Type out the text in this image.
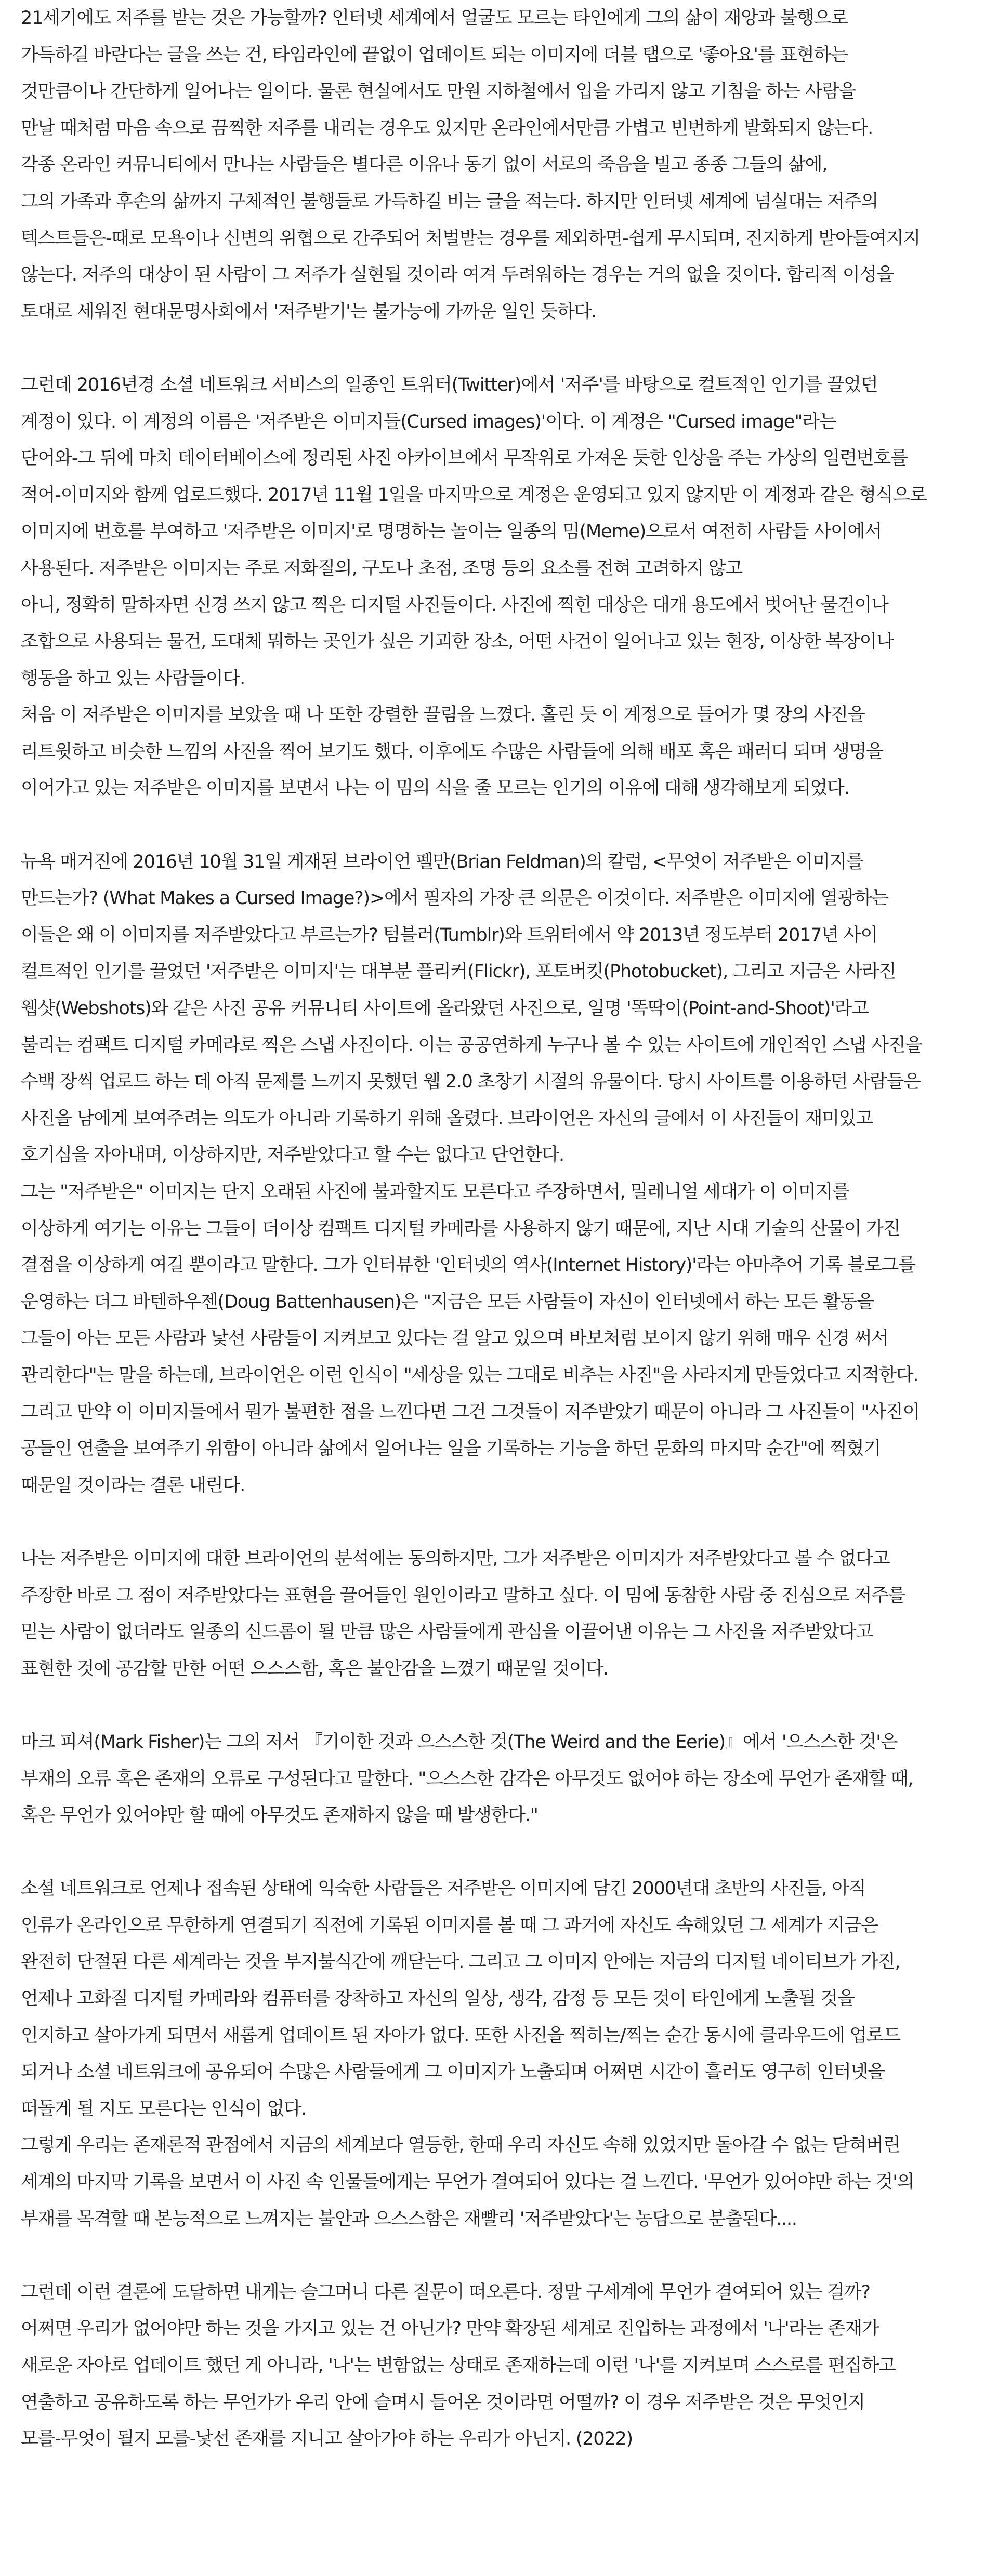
21세기에도 저주를 받는 것은 가능할까? 인터넷 세계에서 얼굴도 모르는 타인에게 그의 삶이 재앙과 불행으로
가득하길 바란다는 글을 쓰는 건, 타임라인에 끝없이 업데이트 되는 이미지에 더블 탭으로 '좋아요'를 표현하는
것만큼이나 간단하게 일어나는 일이다. 물론 현실에서도 만원 지하철에서 입을 가리지 않고 기침을 하는 사람을
만날 때처럼 마음 속으로 끔찍한 저주를 내리는 경우도 있지만 온라인에서만큼 가볍고 빈번하게 발화되지 않는다.
각종 온라인 커뮤니티에서 만나는 사람들은 별다른 이유나 동기 없이 서로의 죽음을 빌고 종종 그들의 삶에,
그의 가족과 후손의 삶까지 구체적인 불행들로 가득하길 비는 글을 적는다. 하지만 인터넷 세계에 넘실대는 저주의
텍스트들은-때로 모욕이나 신변의 위협으로 간주되어 처벌받는 경우를 제외하면-쉽게 무시되며, 진지하게 받아들여지지
않는다. 저주의 대상이 된 사람이 그 저주가 실현될 것이라 여겨 두려워하는 경우는 거의 없을 것이다. 합리적 이성을
토대로 세워진 현대문명사회에서 '저주받기'는 불가능에 가까운 일인 듯하다.

그런데 2016년경 소셜 네트워크 서비스의 일종인 트위터(Twitter)에서 '저주'를 바탕으로 컬트적인 인기를 끌었던
계정이 있다. 이 계정의 이름은 '저주받은 이미지들(Cursed images)'이다. 이 계정은 "Cursed image"라는
단어와-그 뒤에 마치 데이터베이스에 정리된 사진 아카이브에서 무작위로 가져온 듯한 인상을 주는 가상의 일련번호를
적어-이미지와 함께 업로드했다. 2017년 11월 1일을 마지막으로 계정은 운영되고 있지 않지만 이 계정과 같은 형식으로
이미지에 번호를 부여하고 '저주받은 이미지'로 명명하는 놀이는 일종의 밈(Meme)으로서 여전히 사람들 사이에서
사용된다. 저주받은 이미지는 주로 저화질의, 구도나 초점, 조명 등의 요소를 전혀 고려하지 않고
아니, 정확히 말하자면 신경 쓰지 않고 찍은 디지털 사진들이다. 사진에 찍힌 대상은 대개 용도에서 벗어난 물건이나
조합으로 사용되는 물건, 도대체 뭐하는 곳인가 싶은 기괴한 장소, 어떤 사건이 일어나고 있는 현장, 이상한 복장이나
행동을 하고 있는 사람들이다.
처음 이 저주받은 이미지를 보았을 때 나 또한 강렬한 끌림을 느꼈다. 홀린 듯 이 계정으로 들어가 몇 장의 사진을
리트윗하고 비슷한 느낌의 사진을 찍어 보기도 했다. 이후에도 수많은 사람들에 의해 배포 혹은 패러디 되며 생명을
이어가고 있는 저주받은 이미지를 보면서 나는 이 밈의 식을 줄 모르는 인기의 이유에 대해 생각해보게 되었다.

뉴욕 매거진에 2016년 10월 31일 게재된 브라이언 펠만(Brian Feldman)의 칼럼, <무엇이 저주받은 이미지를
만드는가? (What Makes a Cursed Image?)>에서 필자의 가장 큰 의문은 이것이다. 저주받은 이미지에 열광하는
이들은 왜 이 이미지를 저주받았다고 부르는가? 텀블러(Tumblr)와 트위터에서 약 2013년 정도부터 2017년 사이
컬트적인 인기를 끌었던 '저주받은 이미지'는 대부분 플리커(Flickr), 포토버킷(Photobucket), 그리고 지금은 사라진
웹샷(Webshots)와 같은 사진 공유 커뮤니티 사이트에 올라왔던 사진으로, 일명 '똑딱이(Point-and-Shoot)'라고
불리는 컴팩트 디지털 카메라로 찍은 스냅 사진이다. 이는 공공연하게 누구나 볼 수 있는 사이트에 개인적인 스냅 사진을
수백 장씩 업로드 하는 데 아직 문제를 느끼지 못했던 웹 2.0 초창기 시절의 유물이다. 당시 사이트를 이용하던 사람들은
사진을 남에게 보여주려는 의도가 아니라 기록하기 위해 올렸다. 브라이언은 자신의 글에서 이 사진들이 재미있고
호기심을 자아내며, 이상하지만, 저주받았다고 할 수는 없다고 단언한다.
그는 "저주받은" 이미지는 단지 오래된 사진에 불과할지도 모른다고 주장하면서, 밀레니얼 세대가 이 이미지를
이상하게 여기는 이유는 그들이 더이상 컴팩트 디지털 카메라를 사용하지 않기 때문에, 지난 시대 기술의 산물이 가진
결점을 이상하게 여길 뿐이라고 말한다. 그가 인터뷰한 '인터넷의 역사(Internet History)'라는 아마추어 기록 블로그를
운영하는 더그 바텐하우젠(Doug Battenhausen)은 "지금은 모든 사람들이 자신이 인터넷에서 하는 모든 활동을
그들이 아는 모든 사람과 낯선 사람들이 지켜보고 있다는 걸 알고 있으며 바보처럼 보이지 않기 위해 매우 신경 써서
관리한다"는 말을 하는데, 브라이언은 이런 인식이 "세상을 있는 그대로 비추는 사진"을 사라지게 만들었다고 지적한다.
그리고 만약 이 이미지들에서 뭔가 불편한 점을 느낀다면 그건 그것들이 저주받았기 때문이 아니라 그 사진들이 "사진이
공들인 연출을 보여주기 위함이 아니라 삶에서 일어나는 일을 기록하는 기능을 하던 문화의 마지막 순간"에 찍혔기
때문일 것이라는 결론 내린다.

나는 저주받은 이미지에 대한 브라이언의 분석에는 동의하지만, 그가 저주받은 이미지가 저주받았다고 볼 수 없다고
주장한 바로 그 점이 저주받았다는 표현을 끌어들인 원인이라고 말하고 싶다. 이 밈에 동참한 사람 중 진심으로 저주를
믿는 사람이 없더라도 일종의 신드롬이 될 만큼 많은 사람들에게 관심을 이끌어낸 이유는 그 사진을 저주받았다고
표현한 것에 공감할 만한 어떤 으스스함, 혹은 불안감을 느꼈기 때문일 것이다.

마크 피셔(Mark Fisher)는 그의 저서 『기이한 것과 으스스한 것(The Weird and the Eerie)』에서 '으스스한 것'은
부재의 오류 혹은 존재의 오류로 구성된다고 말한다. "으스스한 감각은 아무것도 없어야 하는 장소에 무언가 존재할 때,
혹은 무언가 있어야만 할 때에 아무것도 존재하지 않을 때 발생한다."

소셜 네트워크로 언제나 접속된 상태에 익숙한 사람들은 저주받은 이미지에 담긴 2000년대 초반의 사진들, 아직
인류가 온라인으로 무한하게 연결되기 직전에 기록된 이미지를 볼 때 그 과거에 자신도 속해있던 그 세계가 지금은
완전히 단절된 다른 세계라는 것을 부지불식간에 깨닫는다. 그리고 그 이미지 안에는 지금의 디지털 네이티브가 가진,
언제나 고화질 디지털 카메라와 컴퓨터를 장착하고 자신의 일상, 생각, 감정 등 모든 것이 타인에게 노출될 것을
인지하고 살아가게 되면서 새롭게 업데이트 된 자아가 없다. 또한 사진을 찍히는/찍는 순간 동시에 클라우드에 업로드
되거나 소셜 네트워크에 공유되어 수많은 사람들에게 그 이미지가 노출되며 어쩌면 시간이 흘러도 영구히 인터넷을
떠돌게 될 지도 모른다는 인식이 없다.
그렇게 우리는 존재론적 관점에서 지금의 세계보다 열등한, 한때 우리 자신도 속해 있었지만 돌아갈 수 없는 닫혀버린
세계의 마지막 기록을 보면서 이 사진 속 인물들에게는 무언가 결여되어 있다는 걸 느낀다. '무언가 있어야만 하는 것'의
부재를 목격할 때 본능적으로 느껴지는 불안과 으스스함은 재빨리 '저주받았다'는 농담으로 분출된다....

그런데 이런 결론에 도달하면 내게는 슬그머니 다른 질문이 떠오른다. 정말 구세계에 무언가 결여되어 있는 걸까?
어쩌면 우리가 없어야만 하는 것을 가지고 있는 건 아닌가? 만약 확장된 세계로 진입하는 과정에서 '나'라는 존재가
새로운 자아로 업데이트 했던 게 아니라, '나'는 변함없는 상태로 존재하는데 이런 '나'를 지켜보며 스스로를 편집하고
연출하고 공유하도록 하는 무언가가 우리 안에 슬며시 들어온 것이라면 어떨까? 이 경우 저주받은 것은 무엇인지
모를-무엇이 될지 모를-낯선 존재를 지니고 살아가야 하는 우리가 아닌지. (2022)
